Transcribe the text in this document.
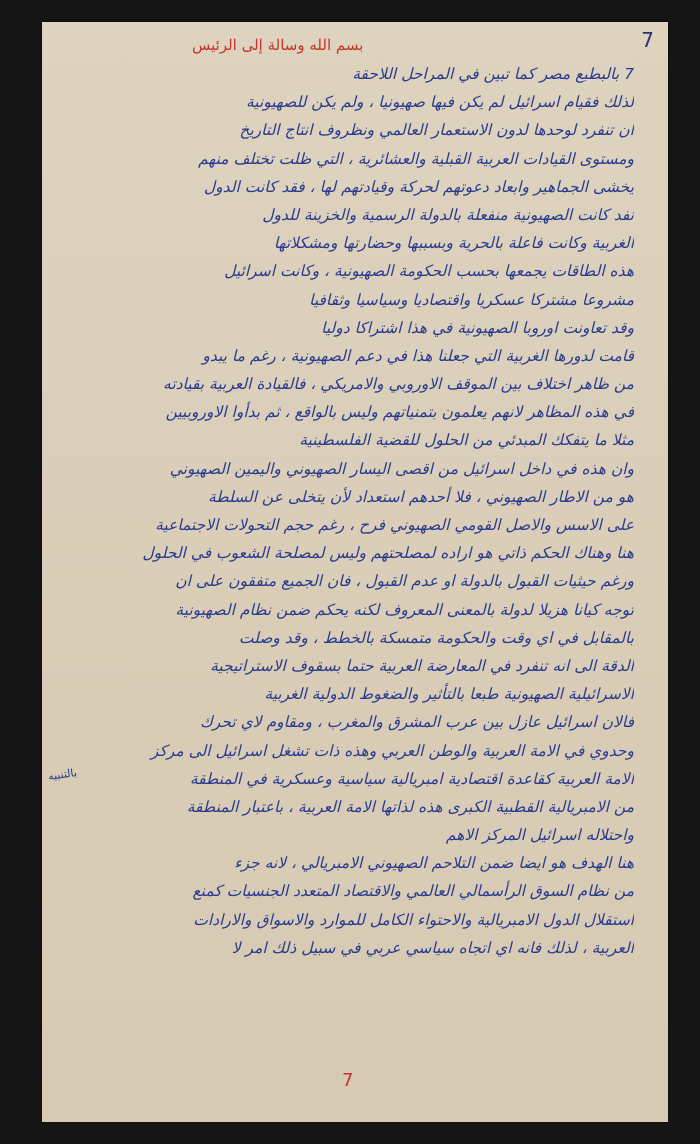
7
بسم الله وسالة إلى الرئيس
7 بالبطبع مصر كما تبين في المراحل اللاحقة
لذلك فقيام اسرائيل لم يكن فيها صهيونيا ، ولم يكن للصهيونية
ان تنفرد لوحدها لدون الاستعمار العالمي ونظروف انتاج التاريخ
ومستوى القيادات العربية القبلية والعشائرية ، التي ظلت تختلف منهم
يخشى الجماهير وابعاد دعوتهم لحركة وقيادتهم لها ، فقد كانت الدول
نفد كانت الصهيونية منفعلة بالدولة الرسمية والخزينة للدول
الغربية وكانت فاعلة بالحرية وبسببها وحضارتها ومشكلاتها
هذه الطاقات يجمعها بحسب الحكومة الصهيونية ، وكانت اسرائيل
مشروعا مشتركا عسكريا واقتصاديا وسياسيا وثقافيا
وقد تعاونت اوروبا الصهيونية في هذا اشتراكا دوليا
قامت لدورها الغربية التي جعلنا هذا في دعم الصهيونية ، رغم ما يبدو
من ظاهر اختلاف بين الموقف الاوروبي والامريكي ، فالقيادة العربية بقيادته
في هذه المظاهر لانهم يعلمون بتمنياتهم وليس بالواقع ، ثم بدأوا الاوروبيين
مثلا ما يتفكك المبدئي من الحلول للقضية الفلسطينية
وان هذه في داخل اسرائيل من اقصى اليسار الصهيوني واليمين الصهيوني
هو من الاطار الصهيوني ، فلا أحدهم استعداد لأن يتخلى عن السلطة
على الاسس والاصل القومي الصهيوني فرح ، رغم حجم التحولات الاجتماعية
هنا وهناك الحكم ذاتي هو اراده لمصلحتهم وليس لمصلحة الشعوب في الحلول
ورغم حيثيات القبول بالدولة او عدم القبول ، فان الجميع متفقون على ان
توجه كيانا هزيلا لدولة بالمعنى المعروف لكنه يحكم ضمن نظام الصهيونية
بالمقابل في اي وقت والحكومة متمسكة بالخطط ، وقد وصلت
الدقة الى انه تنفرد في المعارضة العربية حتما بسقوف الاستراتيجية
الاسرائيلية الصهيونية طبعا بالتأثير والضغوط الدولية الغربية
فالان اسرائيل عازل بين عرب المشرق والمغرب ، ومقاوم لاي تحرك
وحدوي في الامة العربية والوطن العربي وهذه ذات تشغل اسرائيل الى مركز
الامة العربية كقاعدة اقتصادية امبريالية سياسية وعسكرية في المنطقة
من الامبريالية القطبية الكبرى هذه لذاتها الامة العربية ، باعتبار المنطقة
واحتلاله اسرائيل المركز الاهم
هنا الهدف هو ايضا ضمن التلاحم الصهيوني الامبريالي ، لانه جزء
من نظام السوق الرأسمالي العالمي والاقتصاد المتعدد الجنسيات كمنع
استقلال الدول الامبريالية والاحتواء الكامل للموارد والاسواق والارادات
العربية ، لذلك فانه اي اتجاه سياسي عربي في سبيل ذلك امر لا
بالتنبيه
7
